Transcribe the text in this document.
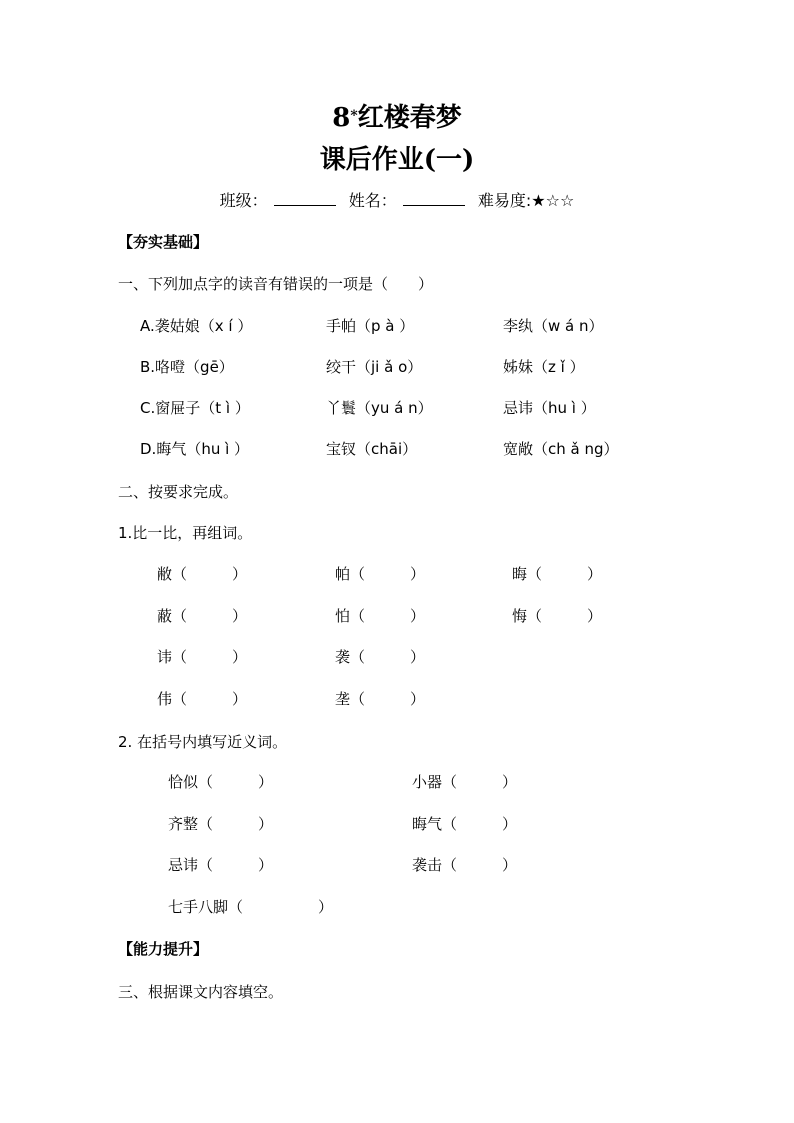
8*红楼春梦
课后作业(一)
班级：	姓名：	难易度:★☆☆
【夯实基础】
一、下列加点字的读音有错误的一项是（　　）
A.袭姑娘（x í ）	手帕（p à ）	李纨（w á n）
B.咯噔（gē）	绞干（ji ǎ o）	姊妹（z ǐ ）
C.窗屉子（t ì ）	丫鬟（yu á n）	忌讳（hu ì ）
D.晦气（hu ì ）	宝钗（chāi）	宽敞（ch ǎ ng）
二、按要求完成。
1.比一比，再组词。
敝（　　　）	帕（　　　）	晦（　　　）
蔽（　　　）	怕（　　　）	悔（　　　）
讳（　　　）	袭（　　　）
伟（　　　）	垄（　　　）
2. 在括号内填写近义词。
恰似（　　　）	小器（　　　）
齐整（　　　）	晦气（　　　）
忌讳（　　　）	袭击（　　　）
七手八脚（　　　　　）
【能力提升】
三、根据课文内容填空。
